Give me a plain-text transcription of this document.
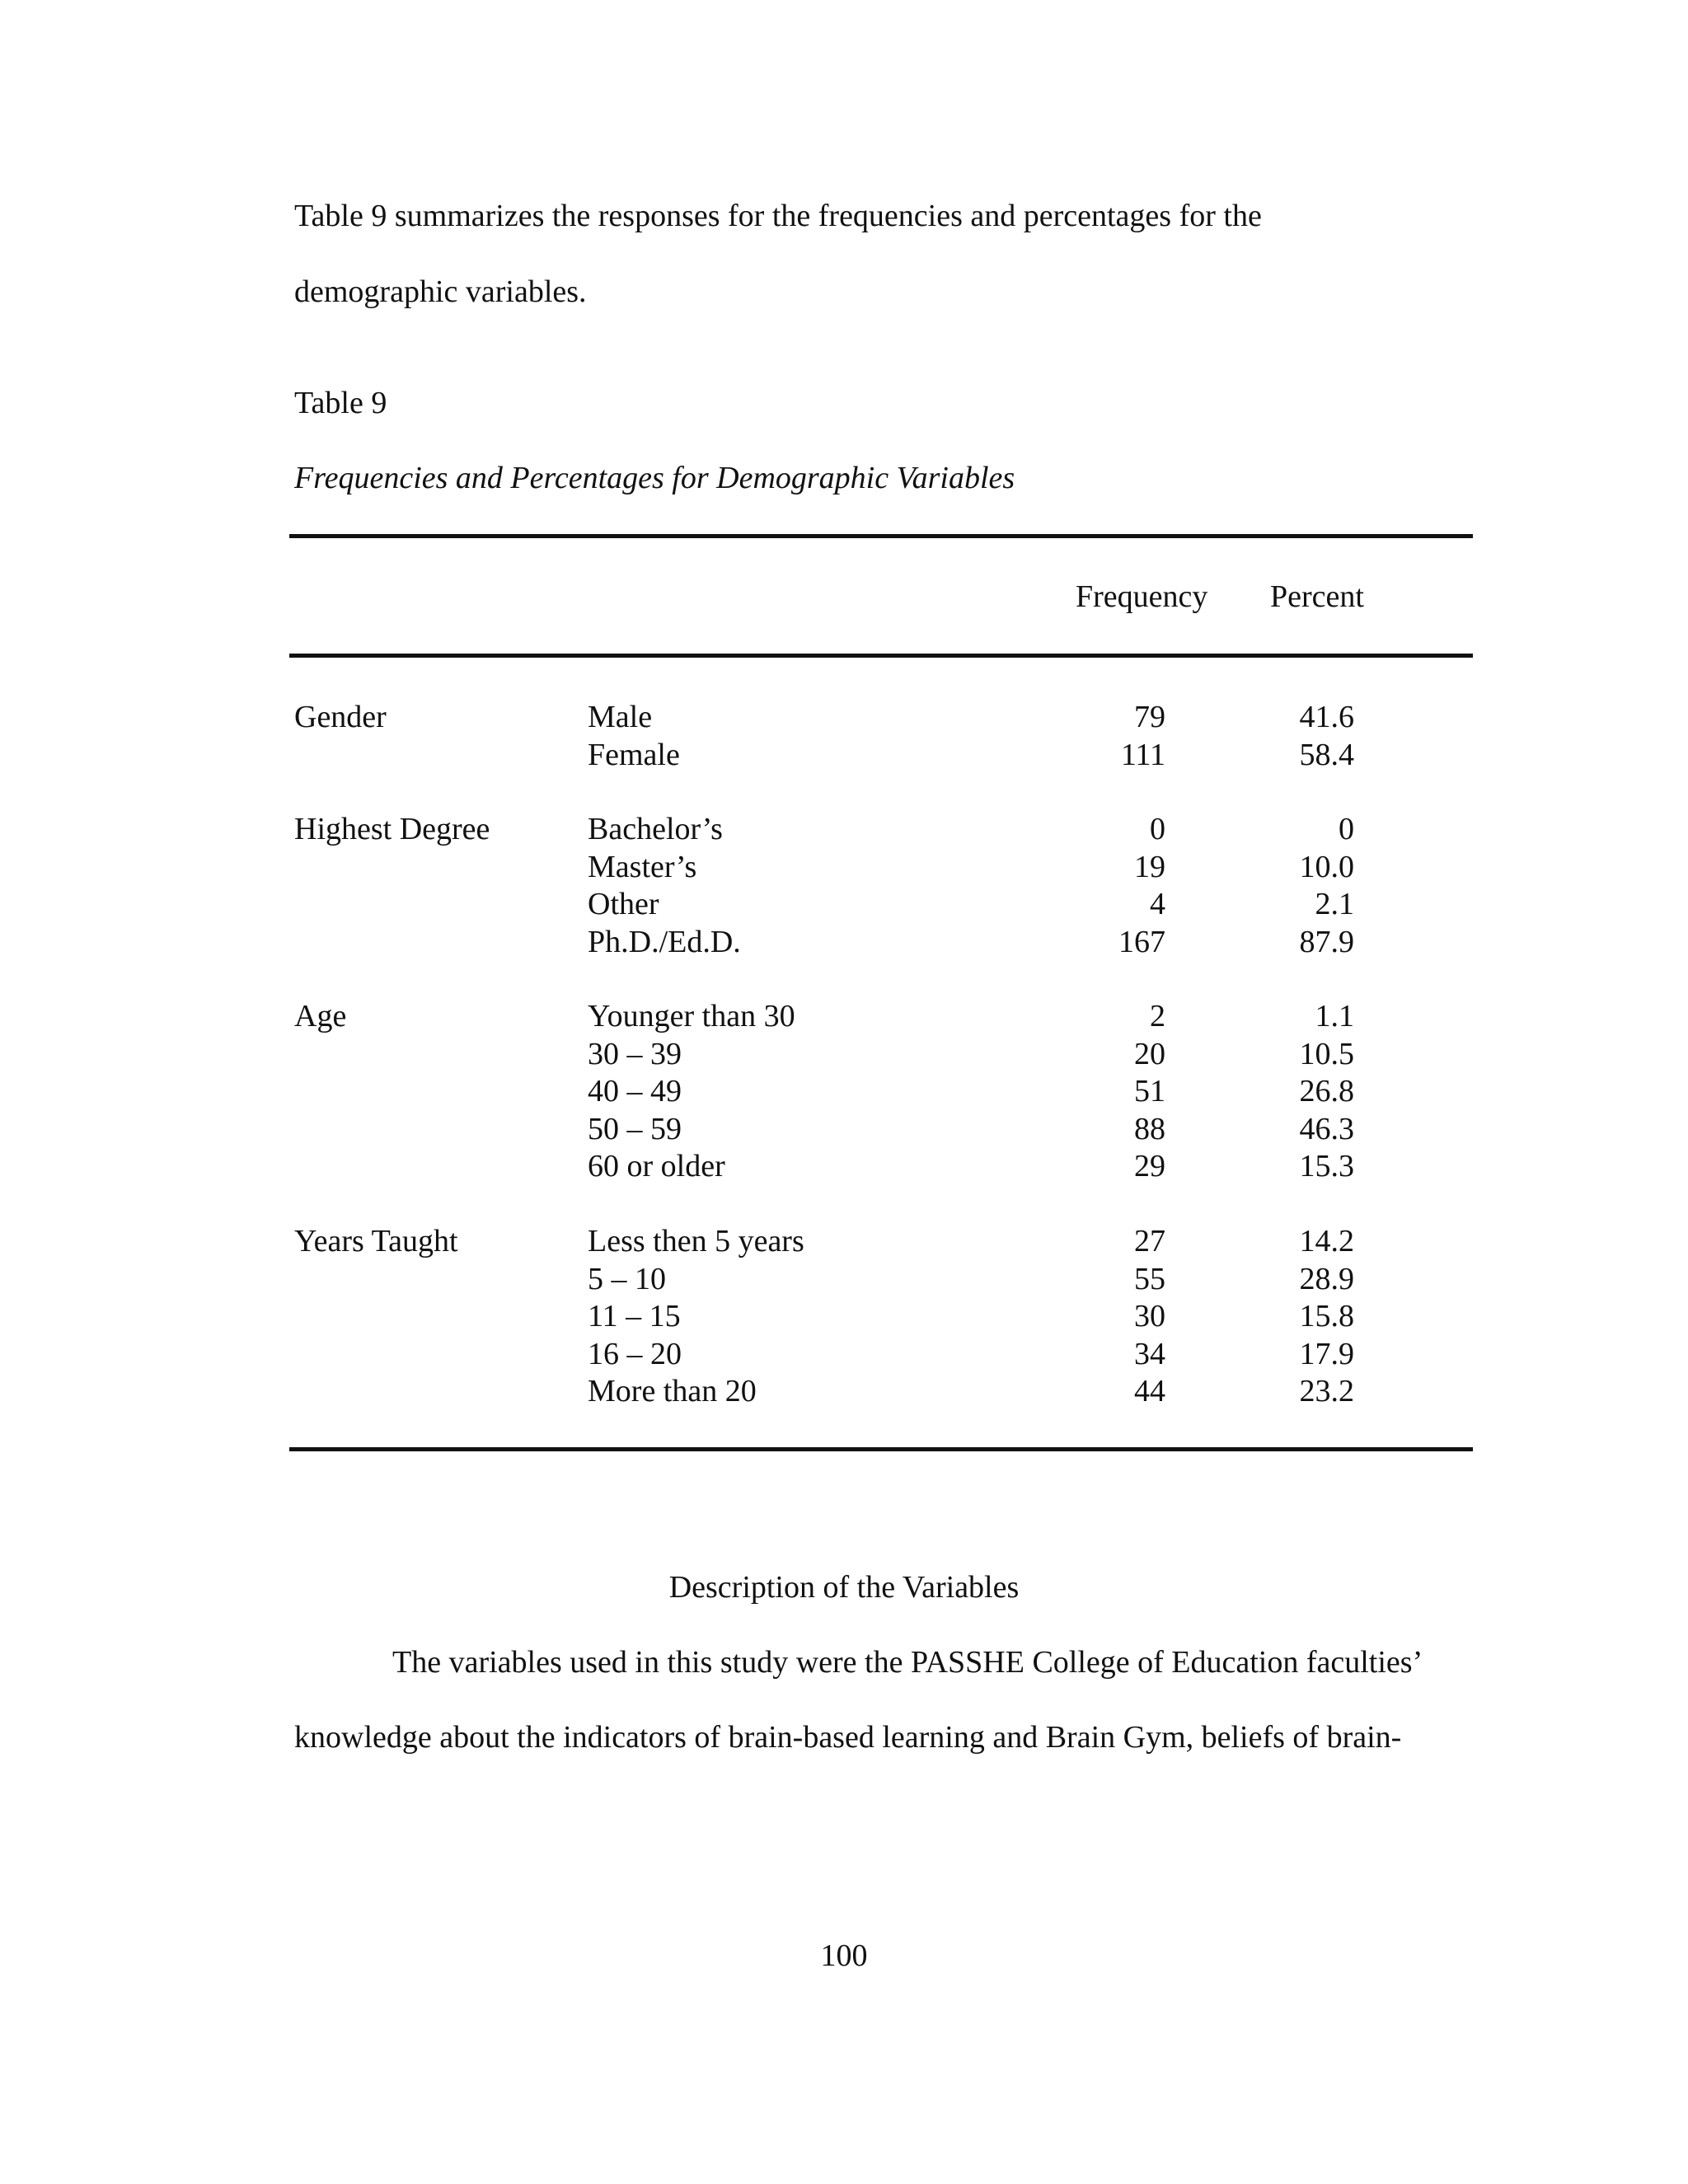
Table 9 summarizes the responses for the frequencies and percentages for the
demographic variables.
Table 9
Frequencies and Percentages for Demographic Variables
Frequency Percent
Gender	Male	79	41.6
Female	111	58.4
Highest Degree	Bachelor’s	0	0
Master’s	19	10.0
Other	4	2.1
Ph.D./Ed.D.	167	87.9
Age	Younger than 30	2	1.1
30 – 39	20	10.5
40 – 49	51	26.8
50 – 59	88	46.3
60 or older	29	15.3
Years Taught	Less then 5 years	27	14.2
5 – 10	55	28.9
11 – 15	30	15.8
16 – 20	34	17.9
More than 20	44	23.2
Description of the Variables
The variables used in this study were the PASSHE College of Education faculties’
knowledge about the indicators of brain-based learning and Brain Gym, beliefs of brain-
100
